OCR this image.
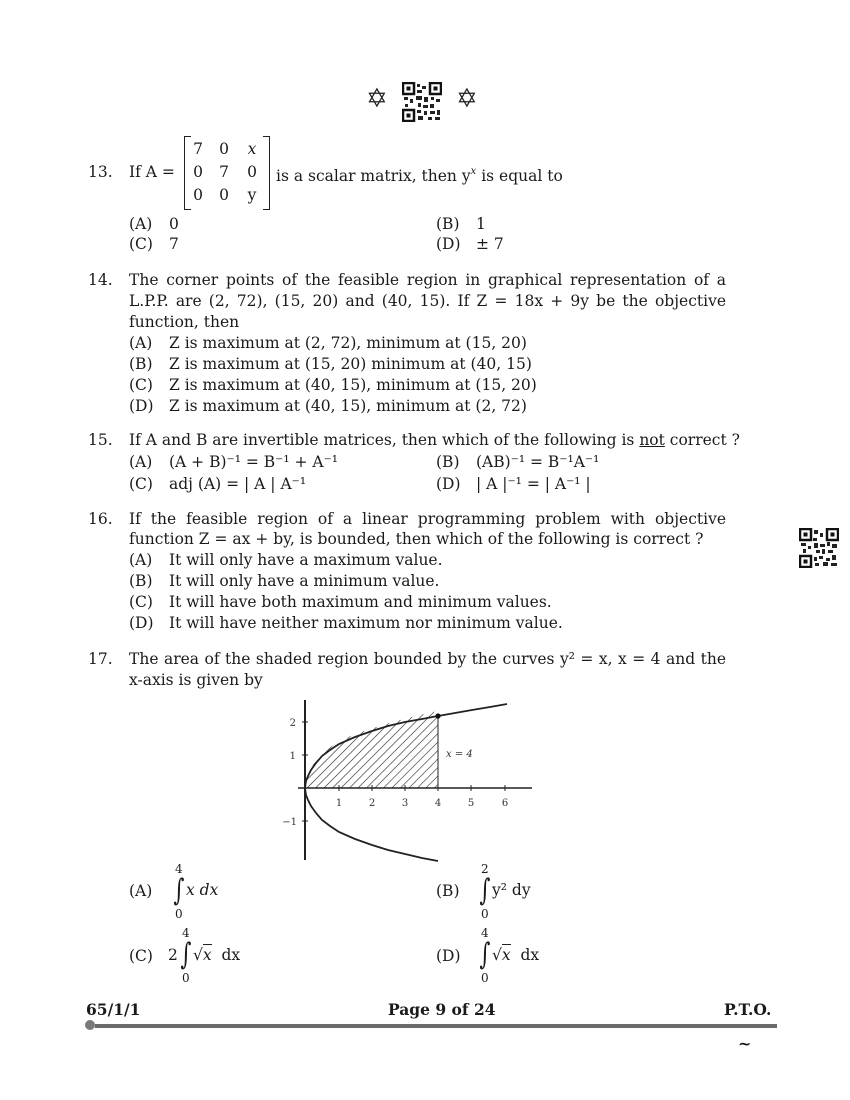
✡	✡
13. If A =
7	0	x
0	7	0
0	0	y
is a scalar matrix, then $y^x$ is equal to
(A) 0	(B) 1
(C) 7	(D) ± 7
14. The corner points of the feasible region in graphical representation of a
L.P.P. are (2, 72), (15, 20) and (40, 15). If Z = 18x + 9y be the objective
function, then
(A) Z is maximum at (2, 72), minimum at (15, 20)
(B) Z is maximum at (15, 20) minimum at (40, 15)
(C) Z is maximum at (40, 15), minimum at (15, 20)
(D) Z is maximum at (40, 15), minimum at (2, 72)
15. If A and B are invertible matrices, then which of the following is not correct ?
(A) (A + B)⁻¹ = B⁻¹ + A⁻¹	(B) (AB)⁻¹ = B⁻¹A⁻¹
(C) adj (A) = | A | A⁻¹	(D) | A |⁻¹ = | A⁻¹ |
16. If the feasible region of a linear programming problem with objective
function Z = ax + by, is bounded, then which of the following is correct ?
(A) It will only have a maximum value.
(B) It will only have a minimum value.
(C) It will have both maximum and minimum values.
(D) It will have neither maximum nor minimum value.
17. The area of the shaded region bounded by the curves y² = x, x = 4 and the
x-axis is given by
1	2	3	4	5	6
2
1
−1
x = 4
(A)
4
∫
0
x dx	(B)
2
∫
0
y² dy
(C) 2
4
∫
0
√x dx	(D)
4
∫
0
√x dx
65/1/1	Page 9 of 24	P.T.O.
~
